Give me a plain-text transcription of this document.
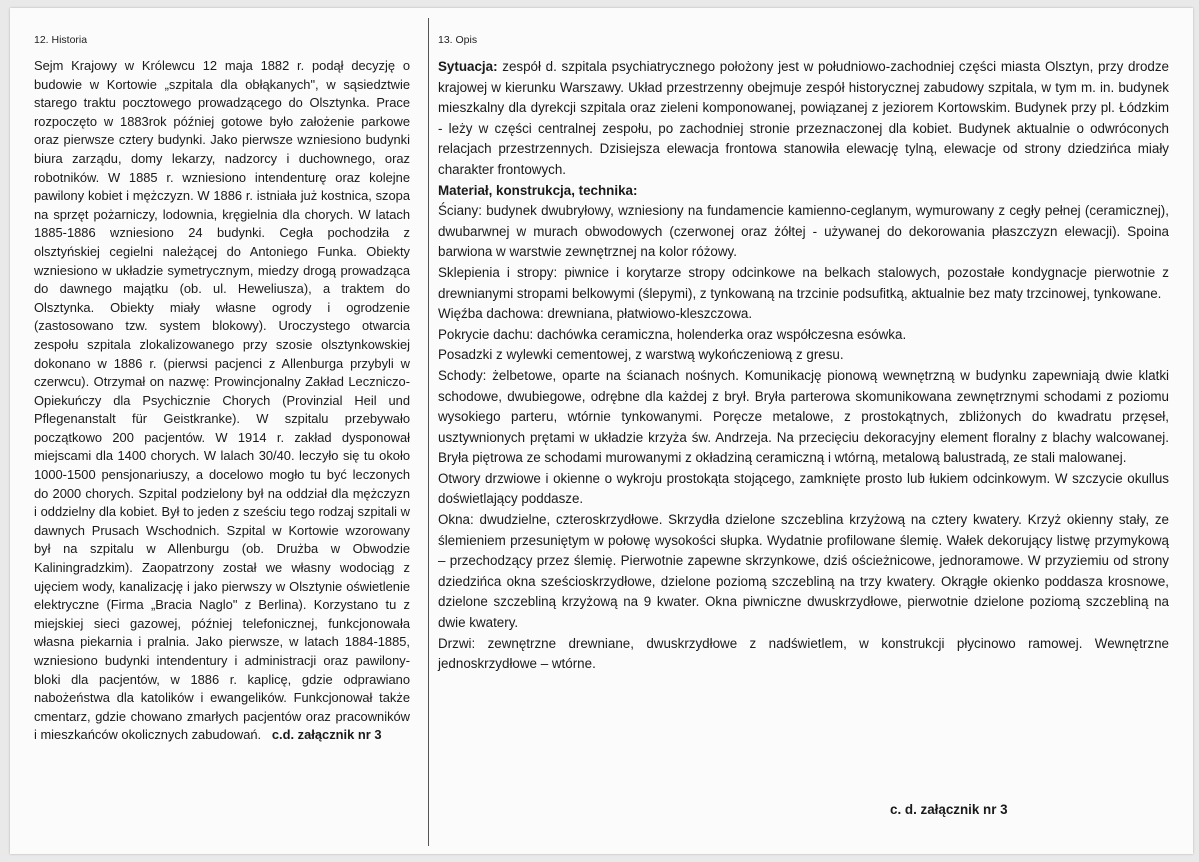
12. Historia

Sejm Krajowy w Królewcu 12 maja 1882 r. podął decyzję o budowie w Kortowie „szpitala dla obłąkanych", w sąsiedztwie starego traktu pocztowego prowadzącego do Olsztynka. Prace rozpoczęto w 1883rok później gotowe było założenie parkowe oraz pierwsze cztery budynki. Jako pierwsze wzniesiono budynki biura zarządu, domy lekarzy, nadzorcy i duchownego, oraz robotników. W 1885 r. wzniesiono intendenturę oraz kolejne pawilony kobiet i mężczyzn. W 1886 r. istniała już kostnica, szopa na sprzęt pożarniczy, lodownia, kręgielnia dla chorych. W latach 1885-1886 wzniesiono 24 budynki. Cegła pochodziła z olsztyńskiej cegielni należącej do Antoniego Funka. Obiekty wzniesiono w układzie symetrycznym, miedzy drogą prowadząca do dawnego majątku (ob. ul. Heweliusza), a traktem do Olsztynka. Obiekty miały własne ogrody i ogrodzenie (zastosowano tzw. system blokowy). Uroczystego otwarcia zespołu szpitala zlokalizowanego przy szosie olsztynkowskiej dokonano w 1886 r. (pierwsi pacjenci z Allenburga przybyli w czerwcu). Otrzymał on nazwę: Prowincjonalny Zakład Leczniczo-Opiekuńczy dla Psychicznie Chorych (Provinzial Heil und Pflegenanstalt für Geistkranke). W szpitalu przebywało początkowo 200 pacjentów. W 1914 r. zakład dysponował miejscami dla 1400 chorych. W lalach 30/40. leczyło się tu około 1000-1500 pensjonariuszy, a docelowo mogło tu być leczonych do 2000 chorych. Szpital podzielony był na oddział dla mężczyzn i oddzielny dla kobiet. Był to jeden z sześciu tego rodzaj szpitali w dawnych Prusach Wschodnich. Szpital w Kortowie wzorowany był na szpitalu w Allenburgu (ob. Drużba w Obwodzie Kaliningradzkim). Zaopatrzony został we własny wodociąg z ujęciem wody, kanalizację i jako pierwszy w Olsztynie oświetlenie elektryczne (Firma „Bracia Naglo" z Berlina). Korzystano tu z miejskiej sieci gazowej, później telefonicznej, funkcjonowała własna piekarnia i pralnia. Jako pierwsze, w latach 1884-1885, wzniesiono budynki intendentury i administracji oraz pawilony-bloki dla pacjentów, w 1886 r. kaplicę, gdzie odprawiano nabożeństwa dla katolików i ewangelików. Funkcjonował także cmentarz, gdzie chowano zmarłych pacjentów oraz pracowników i mieszkańców okolicznych zabudowań. c.d. załącznik nr 3

13. Opis

Sytuacja: zespół d. szpitala psychiatrycznego położony jest w południowo-zachodniej części miasta Olsztyn, przy drodze krajowej w kierunku Warszawy. Układ przestrzenny obejmuje zespół historycznej zabudowy szpitala, w tym m. in. budynek mieszkalny dla dyrekcji szpitala oraz zieleni komponowanej, powiązanej z jeziorem Kortowskim. Budynek przy pl. Łódzkim - leży w części centralnej zespołu, po zachodniej stronie przeznaczonej dla kobiet. Budynek aktualnie o odwróconych relacjach przestrzennych. Dzisiejsza elewacja frontowa stanowiła elewację tylną, elewacje od strony dziedzińca miały charakter frontowych.

Materiał, konstrukcja, technika:

Ściany: budynek dwubryłowy, wzniesiony na fundamencie kamienno-ceglanym, wymurowany z cegły pełnej (ceramicznej), dwubarwnej w murach obwodowych (czerwonej oraz żółtej - używanej do dekorowania płaszczyzn elewacji). Spoina barwiona w warstwie zewnętrznej na kolor różowy.

Sklepienia i stropy: piwnice i korytarze stropy odcinkowe na belkach stalowych, pozostałe kondygnacje pierwotnie z drewnianymi stropami belkowymi (ślepymi), z tynkowaną na trzcinie podsufitką, aktualnie bez maty trzcinowej, tynkowane.

Więźba dachowa: drewniana, płatwiowo-kleszczowa.

Pokrycie dachu: dachówka ceramiczna, holenderka oraz współczesna esówka.

Posadzki z wylewki cementowej, z warstwą wykończeniową z gresu.

Schody: żelbetowe, oparte na ścianach nośnych. Komunikację pionową wewnętrzną w budynku zapewniają dwie klatki schodowe, dwubiegowe, odrębne dla każdej z brył. Bryła parterowa skomunikowana zewnętrznymi schodami z poziomu wysokiego parteru, wtórnie tynkowanymi. Poręcze metalowe, z prostokątnych, zbliżonych do kwadratu przęseł, usztywnionych prętami w układzie krzyża św. Andrzeja. Na przecięciu dekoracyjny element floralny z blachy walcowanej. Bryła piętrowa ze schodami murowanymi z okładziną ceramiczną i wtórną, metalową balustradą, ze stali malowanej.

Otwory drzwiowe i okienne o wykroju prostokąta stojącego, zamknięte prosto lub łukiem odcinkowym. W szczycie okullus doświetlający poddasze.

Okna: dwudzielne, czteroskrzydłowe. Skrzydła dzielone szczeblina krzyżową na cztery kwatery. Krzyż okienny stały, ze ślemieniem przesuniętym w połowę wysokości słupka. Wydatnie profilowane ślemię. Wałek dekorujący listwę przymykową – przechodzący przez ślemię. Pierwotnie zapewne skrzynkowe, dziś ościeżnicowe, jednoramowe. W przyziemiu od strony dziedzińca okna sześcioskrzydłowe, dzielone poziomą szczebliną na trzy kwatery. Okrągłe okienko poddasza krosnowe, dzielone szczebliną krzyżową na 9 kwater. Okna piwniczne dwuskrzydłowe, pierwotnie dzielone poziomą szczebliną na dwie kwatery.

Drzwi: zewnętrzne drewniane, dwuskrzydłowe z nadświetlem, w konstrukcji płycinowo ramowej. Wewnętrzne jednoskrzydłowe – wtórne.

c. d. załącznik nr 3
